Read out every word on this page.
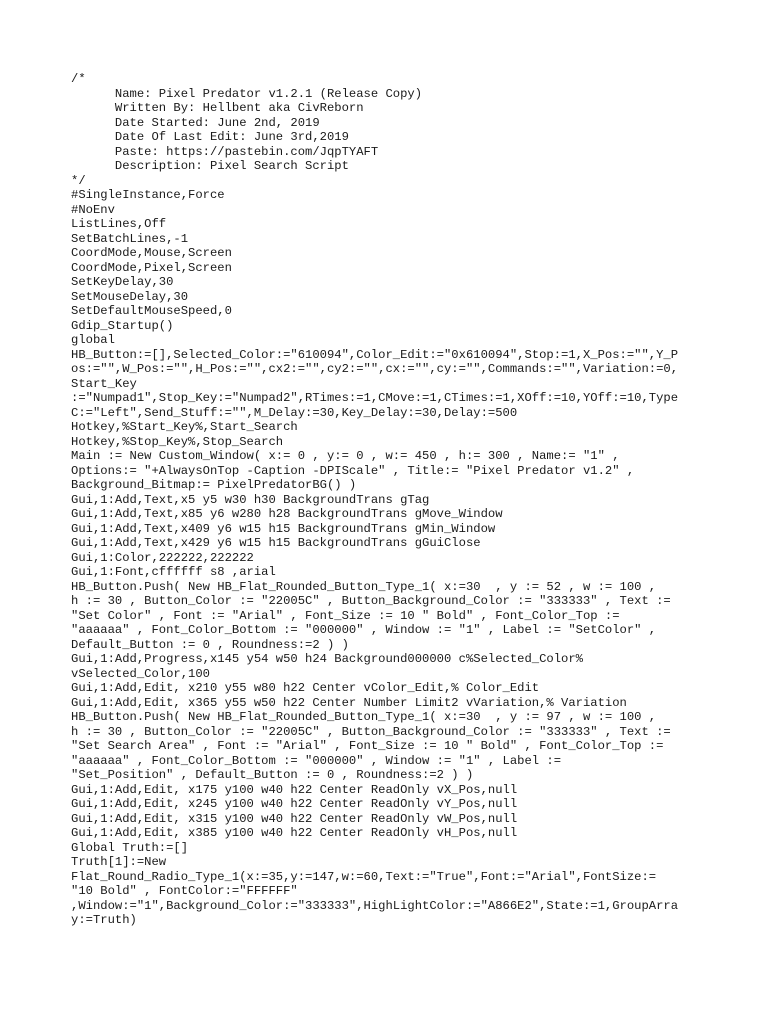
/*
Name: Pixel Predator v1.2.1 (Release Copy)
Written By: Hellbent aka CivReborn
Date Started: June 2nd, 2019
Date Of Last Edit: June 3rd,2019
Paste: https://pastebin.com/JqpTYAFT
Description: Pixel Search Script
*/
#SingleInstance,Force
#NoEnv
ListLines,Off
SetBatchLines,-1
CoordMode,Mouse,Screen
CoordMode,Pixel,Screen
SetKeyDelay,30
SetMouseDelay,30
SetDefaultMouseSpeed,0
Gdip_Startup()
global
HB_Button:=[],Selected_Color:="610094",Color_Edit:="0x610094",Stop:=1,X_Pos:="",Y_P
os:="",W_Pos:="",H_Pos:="",cx2:="",cy2:="",cx:="",cy:="",Commands:="",Variation:=0,
Start_Key
:="Numpad1",Stop_Key:="Numpad2",RTimes:=1,CMove:=1,CTimes:=1,XOff:=10,YOff:=10,Type
C:="Left",Send_Stuff:="",M_Delay:=30,Key_Delay:=30,Delay:=500
Hotkey,%Start_Key%,Start_Search
Hotkey,%Stop_Key%,Stop_Search
Main := New Custom_Window( x:= 0 , y:= 0 , w:= 450 , h:= 300 , Name:= "1" ,
Options:= "+AlwaysOnTop -Caption -DPIScale" , Title:= "Pixel Predator v1.2" ,
Background_Bitmap:= PixelPredatorBG() )
Gui,1:Add,Text,x5 y5 w30 h30 BackgroundTrans gTag
Gui,1:Add,Text,x85 y6 w280 h28 BackgroundTrans gMove_Window
Gui,1:Add,Text,x409 y6 w15 h15 BackgroundTrans gMin_Window
Gui,1:Add,Text,x429 y6 w15 h15 BackgroundTrans gGuiClose
Gui,1:Color,222222,222222
Gui,1:Font,cffffff s8 ,arial
HB_Button.Push( New HB_Flat_Rounded_Button_Type_1( x:=30  , y := 52 , w := 100 ,
h := 30 , Button_Color := "22005C" , Button_Background_Color := "333333" , Text :=
"Set Color" , Font := "Arial" , Font_Size := 10 " Bold" , Font_Color_Top :=
"aaaaaa" , Font_Color_Bottom := "000000" , Window := "1" , Label := "SetColor" ,
Default_Button := 0 , Roundness:=2 ) )
Gui,1:Add,Progress,x145 y54 w50 h24 Background000000 c%Selected_Color%
vSelected_Color,100
Gui,1:Add,Edit, x210 y55 w80 h22 Center vColor_Edit,% Color_Edit
Gui,1:Add,Edit, x365 y55 w50 h22 Center Number Limit2 vVariation,% Variation
HB_Button.Push( New HB_Flat_Rounded_Button_Type_1( x:=30  , y := 97 , w := 100 ,
h := 30 , Button_Color := "22005C" , Button_Background_Color := "333333" , Text :=
"Set Search Area" , Font := "Arial" , Font_Size := 10 " Bold" , Font_Color_Top :=
"aaaaaa" , Font_Color_Bottom := "000000" , Window := "1" , Label :=
"Set_Position" , Default_Button := 0 , Roundness:=2 ) )
Gui,1:Add,Edit, x175 y100 w40 h22 Center ReadOnly vX_Pos,null
Gui,1:Add,Edit, x245 y100 w40 h22 Center ReadOnly vY_Pos,null
Gui,1:Add,Edit, x315 y100 w40 h22 Center ReadOnly vW_Pos,null
Gui,1:Add,Edit, x385 y100 w40 h22 Center ReadOnly vH_Pos,null
Global Truth:=[]
Truth[1]:=New
Flat_Round_Radio_Type_1(x:=35,y:=147,w:=60,Text:="True",Font:="Arial",FontSize:=
"10 Bold" , FontColor:="FFFFFF"
,Window:="1",Background_Color:="333333",HighLightColor:="A866E2",State:=1,GroupArra
y:=Truth)
